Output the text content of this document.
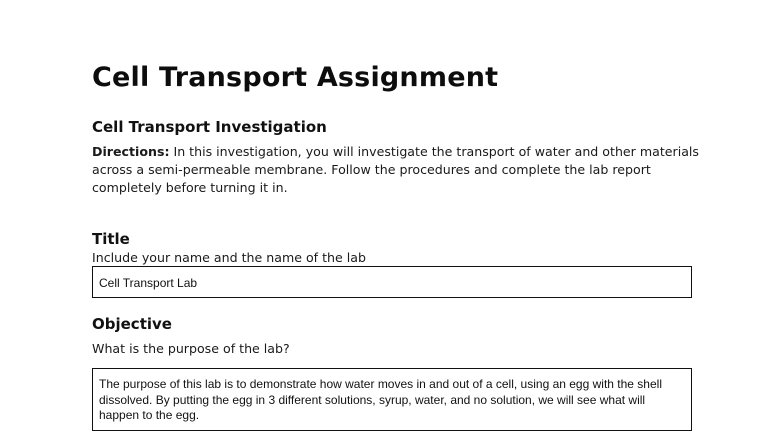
Cell Transport Assignment
Cell Transport Investigation

Directions: In this investigation, you will investigate the transport of water and other materials across a semi-permeable membrane. Follow the procedures and complete the lab report completely before turning it in.

Title

Include your name and the name of the lab

Cell Transport Lab
Objective

What is the purpose of the lab?

The purpose of this lab is to demonstrate how water moves in and out of a cell, using an egg with the shell dissolved. By putting the egg in 3 different solutions, syrup, water, and no solution, we will see what will happen to the egg.
